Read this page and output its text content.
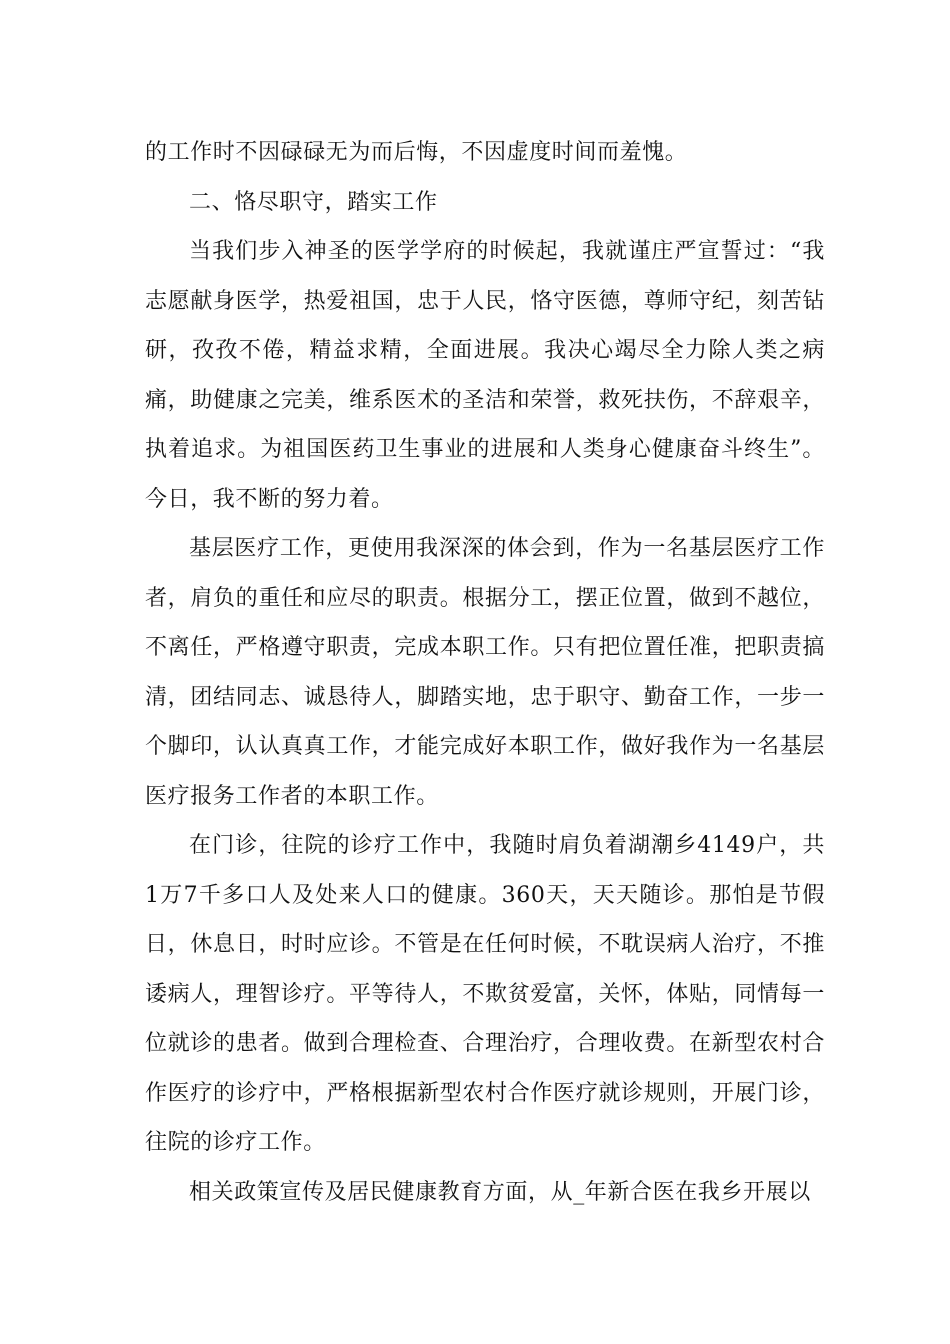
的工作时不因碌碌无为而后悔，不因虚度时间而羞愧。

二、恪尽职守，踏实工作

当我们步入神圣的医学学府的时候起，我就谨庄严宣誓过：“我志愿献身医学，热爱祖国，忠于人民，恪守医德，尊师守纪，刻苦钻研，孜孜不倦，精益求精，全面进展。我决心竭尽全力除人类之病痛，助健康之完美，维系医术的圣洁和荣誉，救死扶伤，不辞艰辛，执着追求。为祖国医药卫生事业的进展和人类身心健康奋斗终生”。今日，我不断的努力着。

基层医疗工作，更使用我深深的体会到，作为一名基层医疗工作者，肩负的重任和应尽的职责。根据分工，摆正位置，做到不越位，不离任，严格遵守职责，完成本职工作。只有把位置任准，把职责搞清，团结同志、诚恳待人，脚踏实地，忠于职守、勤奋工作，一步一个脚印，认认真真工作，才能完成好本职工作，做好我作为一名基层医疗报务工作者的本职工作。

在门诊，往院的诊疗工作中，我随时肩负着湖潮乡4149户，共1万7千多口人及处来人口的健康。360天，天天随诊。那怕是节假日，休息日，时时应诊。不管是在任何时候，不耽误病人治疗，不推诿病人，理智诊疗。平等待人，不欺贫爱富，关怀，体贴，同情每一位就诊的患者。做到合理检查、合理治疗，合理收费。在新型农村合作医疗的诊疗中，严格根据新型农村合作医疗就诊规则，开展门诊，往院的诊疗工作。

相关政策宣传及居民健康教育方面，从_年新合医在我乡开展以
